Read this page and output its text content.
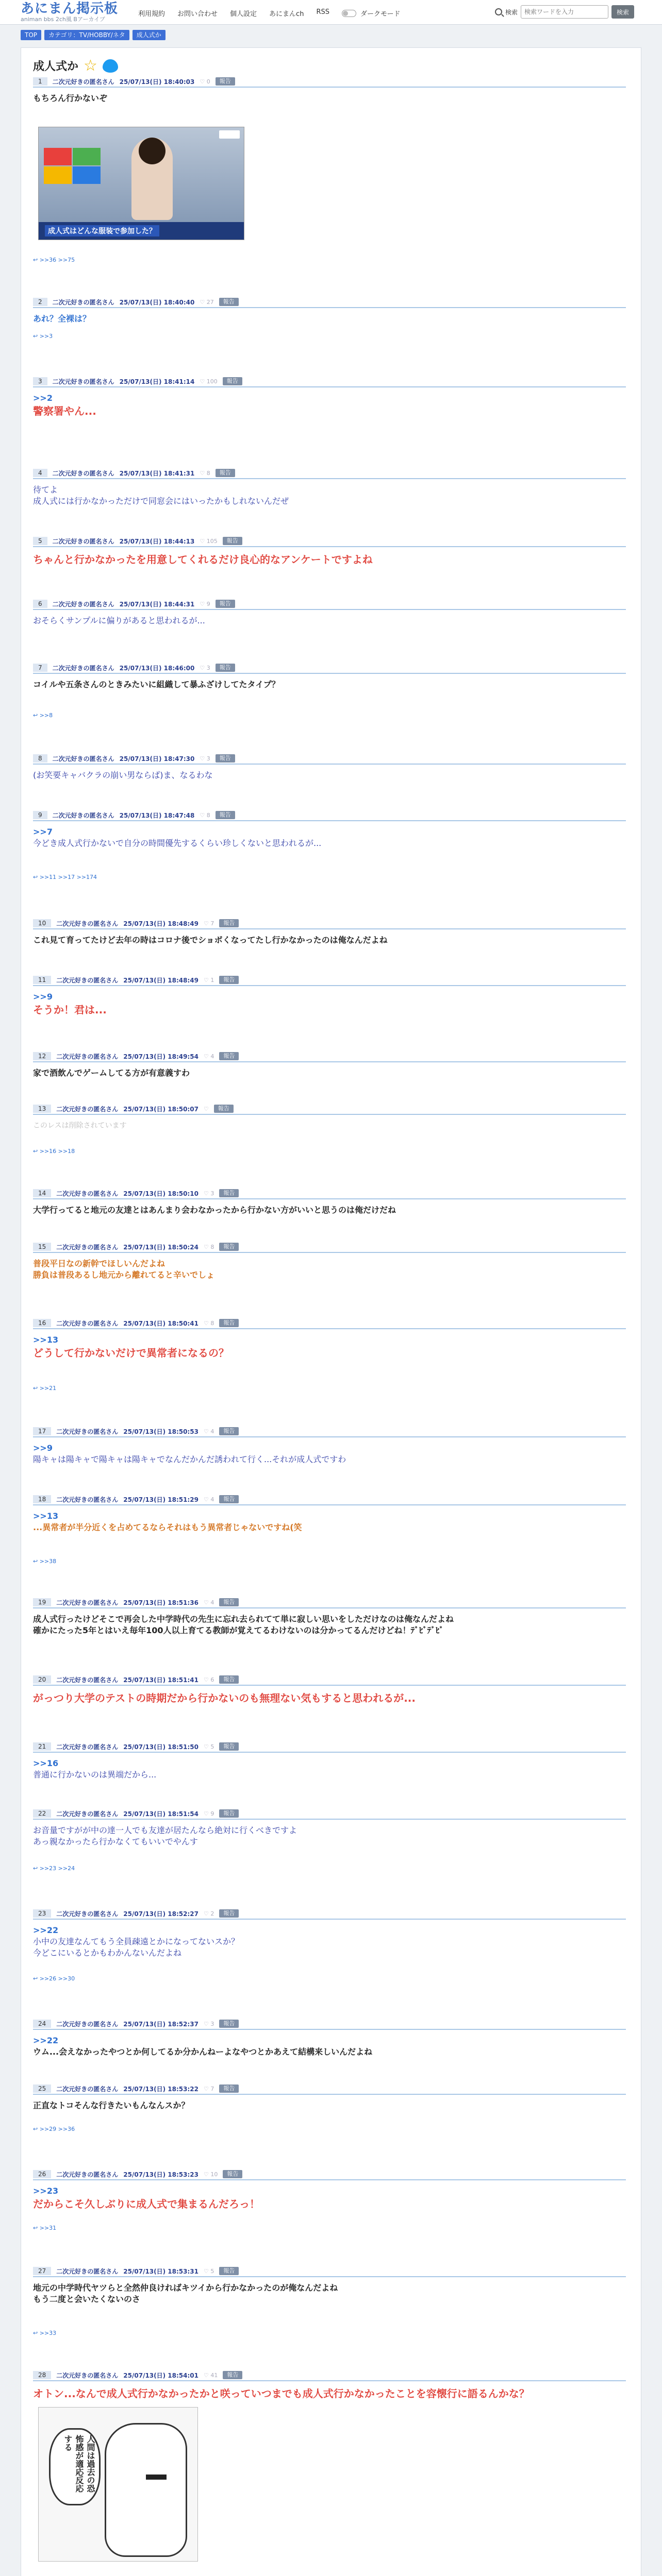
あにまん掲示板
animan bbs 2ch風 Bアーカイブ
利用規約 お問い合わせ 個人設定 あにまんch RSS	ダークモード	検索
検索ワードを入力	検索
TOP	カテゴリ：TV/HOBBY/ネタ	成人式か
成人式か ☆
1	二次元好きの匿名さん 25/07/13(日) 18:40:03 ♡ 0	報告
もちろん行かないぞ
成人式はどんな服装で参加した？
↩ >>36 >>75
2	二次元好きの匿名さん 25/07/13(日) 18:40:40 ♡ 27	報告
あれ？全裸は？
↩ >>3
3	二次元好きの匿名さん 25/07/13(日) 18:41:14 ♡ 100	報告
>>2
警察署やん...
4	二次元好きの匿名さん 25/07/13(日) 18:41:31 ♡ 8	報告
待てよ
成人式には行かなかっただけで同窓会にはいったかもしれないんだぜ
5	二次元好きの匿名さん 25/07/13(日) 18:44:13 ♡ 105	報告
ちゃんと行かなかったを用意してくれるだけ良心的なアンケートですよね
6	二次元好きの匿名さん 25/07/13(日) 18:44:31 ♡ 9	報告
おそらくサンプルに偏りがあると思われるが...
7	二次元好きの匿名さん 25/07/13(日) 18:46:00 ♡ 3	報告
コイルや五条さんのときみたいに組織して暴ふざけしてたタイプ？
↩ >>8
8	二次元好きの匿名さん 25/07/13(日) 18:47:30 ♡ 3	報告
(お笑要キャバクラの崩い男ならば)ま、なるわな
9	二次元好きの匿名さん 25/07/13(日) 18:47:48 ♡ 8	報告
>>7
今どき成人式行かないで自分の時間優先するくらい珍しくないと思われるが...
↩ >>11 >>17 >>174
10	二次元好きの匿名さん 25/07/13(日) 18:48:49 ♡ 7	報告
これ見て育ってたけど去年の時はコロナ後でショボくなってたし行かなかったのは俺なんだよね
11	二次元好きの匿名さん 25/07/13(日) 18:48:49 ♡ 1	報告
>>9
そうか！君は...
12	二次元好きの匿名さん 25/07/13(日) 18:49:54 ♡ 4	報告
家で酒飲んでゲームしてる方が有意義すわ
13	二次元好きの匿名さん 25/07/13(日) 18:50:07 ♡	報告
このレスは削除されています
↩ >>16 >>18
14	二次元好きの匿名さん 25/07/13(日) 18:50:10 ♡ 3	報告
大学行ってると地元の友達とはあんまり会わなかったから行かない方がいいと思うのは俺だけだね
15	二次元好きの匿名さん 25/07/13(日) 18:50:24 ♡ 8	報告
普段平日なの新幹でほしいんだよね
勝負は普段あるし地元から離れてると辛いでしょ
16	二次元好きの匿名さん 25/07/13(日) 18:50:41 ♡ 8	報告
>>13
どうして行かないだけで異常者になるの？
↩ >>21
17	二次元好きの匿名さん 25/07/13(日) 18:50:53 ♡ 4	報告
>>9
陽キャは陽キャで陽キャは陽キャでなんだかんだ誘われて行く...それが成人式ですわ
18	二次元好きの匿名さん 25/07/13(日) 18:51:29 ♡ 4	報告
>>13
...異常者が半分近くを占めてるならそれはもう異常者じゃないですね(笑
↩ >>38
19	二次元好きの匿名さん 25/07/13(日) 18:51:36 ♡ 4	報告
成人式行ったけどそこで再会した中学時代の先生に忘れ去られてて単に寂しい思いをしただけなのは俺なんだよね
確かにたった5年とはいえ毎年100人以上育てる教師が覚えてるわけないのは分かってるんだけどね！ﾃﾞﾋﾞﾃﾞﾋﾞ
20	二次元好きの匿名さん 25/07/13(日) 18:51:41 ♡ 6	報告
がっつり大学のテストの時期だから行かないのも無理ない気もすると思われるが...
21	二次元好きの匿名さん 25/07/13(日) 18:51:50 ♡ 5	報告
>>16
普通に行かないのは異端だから...
22	二次元好きの匿名さん 25/07/13(日) 18:51:54 ♡ 9	報告
お音量ですがが中の達一人でも友達が居たんなら絶対に行くべきですよ
あっ親なかったら行かなくてもいいでやんす
↩ >>23 >>24
23	二次元好きの匿名さん 25/07/13(日) 18:52:27 ♡ 2	報告
>>22
小中の友達なんてもう全員疎遠とかになってないスか？
今どこにいるとかもわかんないんだよね
↩ >>26 >>30
24	二次元好きの匿名さん 25/07/13(日) 18:52:37 ♡ 3	報告
>>22
ウム...会えなかったやつとか何してるか分かんねーよなやつとかあえて結構来しいんだよね
25	二次元好きの匿名さん 25/07/13(日) 18:53:22 ♡ 7	報告
正直なトコそんな行きたいもんなんスか？
↩ >>29 >>36
26	二次元好きの匿名さん 25/07/13(日) 18:53:23 ♡ 10	報告
>>23
だからこそ久しぶりに成人式で集まるんだろっ！
↩ >>31
27	二次元好きの匿名さん 25/07/13(日) 18:53:31 ♡ 5	報告
地元の中学時代ヤツらと全然仲良ければキツイから行かなかったのが俺なんだよね
もう二度と会いたくないのさ
↩ >>33
28	二次元好きの匿名さん 25/07/13(日) 18:54:01 ♡ 41	報告
オトン...なんで成人式行かなかったかと咲っていつまでも成人式行かなかったことを容懐行に語るんかな？
人間は過去の恐怖感が適応反応する
